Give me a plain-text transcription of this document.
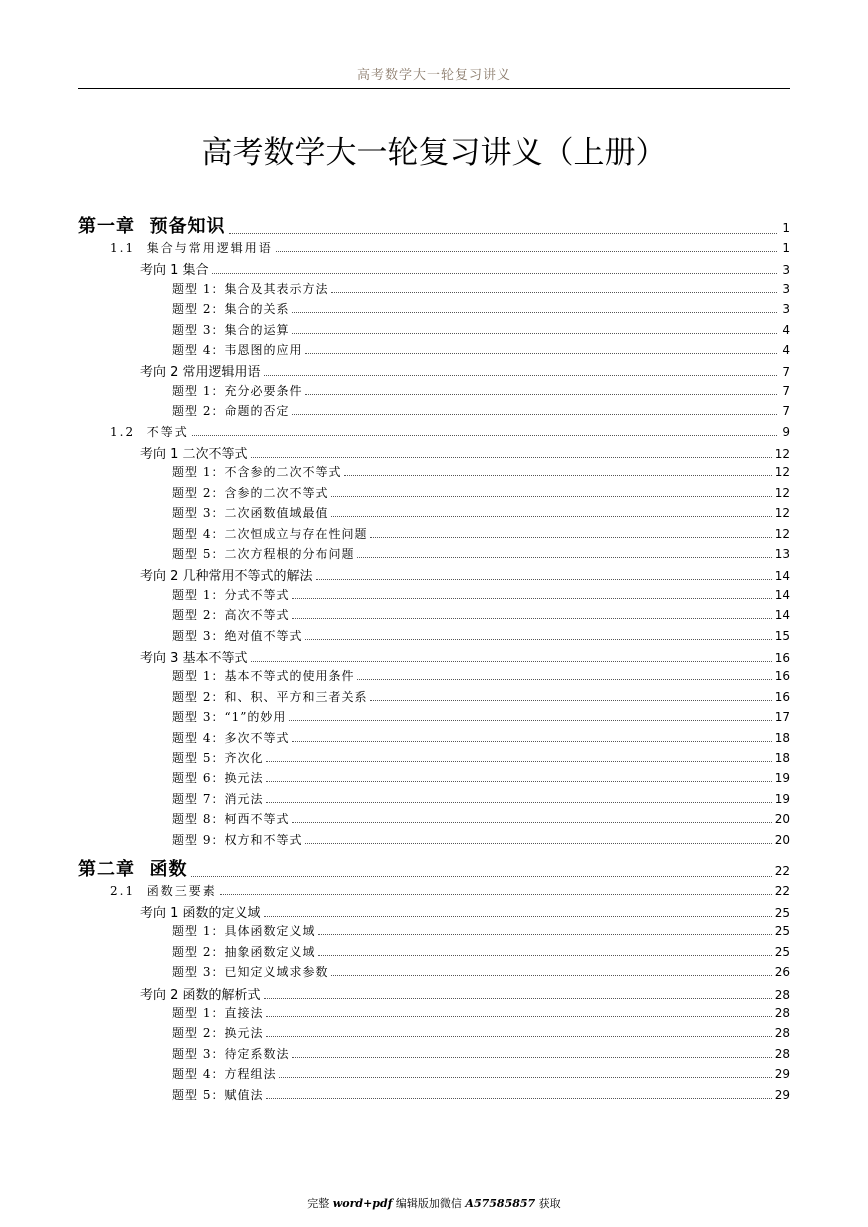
高考数学大一轮复习讲义
高考数学大一轮复习讲义（上册）
第一章  预备知识	1
1.1  集合与常用逻辑用语	1
考向 1 集合	3
题型 1：集合及其表示方法	3
题型 2：集合的关系	3
题型 3：集合的运算	4
题型 4：韦恩图的应用	4
考向 2 常用逻辑用语	7
题型 1：充分必要条件	7
题型 2：命题的否定	7
1.2  不等式	9
考向 1 二次不等式	12
题型 1：不含参的二次不等式	12
题型 2：含参的二次不等式	12
题型 3：二次函数值域最值	12
题型 4：二次恒成立与存在性问题	12
题型 5：二次方程根的分布问题	13
考向 2 几种常用不等式的解法	14
题型 1：分式不等式	14
题型 2：高次不等式	14
题型 3：绝对值不等式	15
考向 3 基本不等式	16
题型 1：基本不等式的使用条件	16
题型 2：和、积、平方和三者关系	16
题型 3：“1”的妙用	17
题型 4：多次不等式	18
题型 5：齐次化	18
题型 6：换元法	19
题型 7：消元法	19
题型 8：柯西不等式	20
题型 9：权方和不等式	20
第二章  函数	22
2.1  函数三要素	22
考向 1 函数的定义域	25
题型 1：具体函数定义域	25
题型 2：抽象函数定义域	25
题型 3：已知定义域求参数	26
考向 2 函数的解析式	28
题型 1：直接法	28
题型 2：换元法	28
题型 3：待定系数法	28
题型 4：方程组法	29
题型 5：赋值法	29
完整 word+pdf 编辑版加微信 A57585857 获取
